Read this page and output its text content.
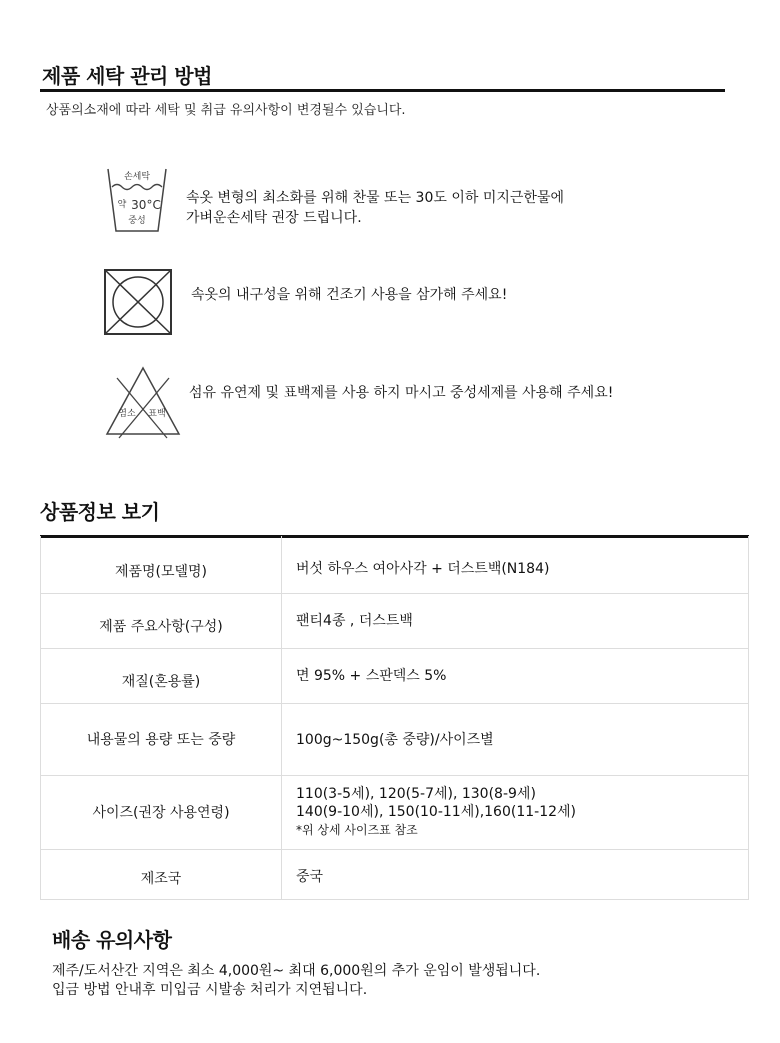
제품 세탁 관리 방법
상품의소재에 따라 세탁 및 취급 유의사항이 변경될수 있습니다.
손세탁
약 30°C
중성
속옷 변형의 최소화를 위해 찬물 또는 30도 이하 미지근한물에
가벼운손세탁 권장 드립니다.
속옷의 내구성을 위해 건조기 사용을 삼가해 주세요!
염소 표백
섬유 유연제 및 표백제를 사용 하지 마시고 중성세제를 사용해 주세요!
상품정보 보기
제품명(모델명)	버섯 하우스 여아사각 + 더스트백(N184)
제품 주요사항(구성)	팬티4종 , 더스트백
재질(혼용률)	면 95% + 스판덱스 5%
내용물의 용량 또는 중량	100g~150g(총 중량)/사이즈별
사이즈(권장 사용연령)	110(3-5세), 120(5-7세), 130(8-9세)
140(9-10세), 150(10-11세),160(11-12세)
*위 상세 사이즈표 참조

제조국	중국
배송 유의사항
제주/도서산간 지역은 최소 4,000원~ 최대 6,000원의 추가 운임이 발생됩니다.
입금 방법 안내후 미입금 시발송 처리가 지연됩니다.
